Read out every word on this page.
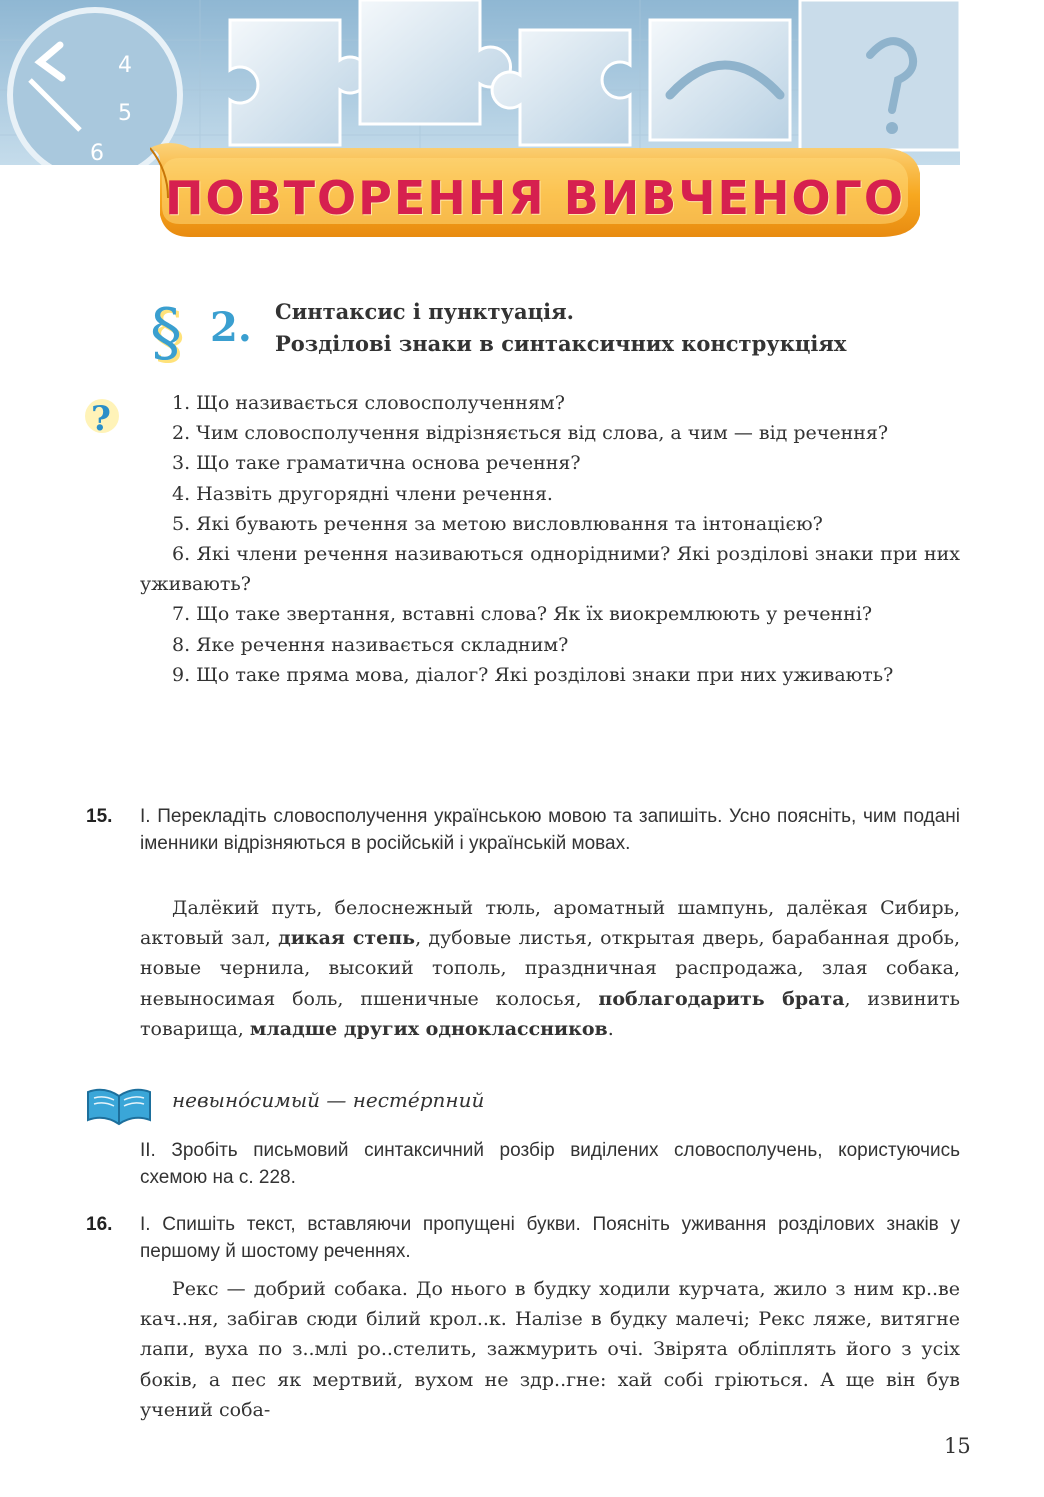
4
5
6
ПОВТОРЕННЯ ВИВЧЕНОГО
§ 2. Синтаксис і пунктуація.
Розділові знаки в синтаксичних конструкціях
?	1. Що називається словосполученням?

2. Чим словосполучення відрізняється від слова, а чим — від речення?

3. Що таке граматична основа речення?

4. Назвіть другорядні члени речення.

5. Які бувають речення за метою висловлювання та інтонацією?

6. Які члени речення називаються однорідними? Які розділові знаки при них уживають?

7. Що таке звертання, вставні слова? Як їх виокремлюють у реченні?

8. Яке речення називається складним?

9. Що таке пряма мова, діалог? Які розділові знаки при них уживають?

15. І. Перекладіть словосполучення українською мовою та запишіть. Усно поясніть, чим подані іменники відрізняються в російській і українській мовах.

Далёкий путь, белоснежный тюль, ароматный шампунь, далёкая Сибирь, актовый зал, дикая степь, дубовые листья, открытая дверь, барабанная дробь, новые чернила, высокий тополь, праздничная распродажа, злая собака, невыносимая боль, пшеничные колосья, поблагодарить брата, извинить товарища, младше других одноклассников.

невыно́симый — нестéрпний

ІІ. Зробіть письмовий синтаксичний розбір виділених словосполучень, користуючись схемою на с. 228.

16. І. Спишіть текст, вставляючи пропущені букви. Поясніть уживання розділових знаків у першому й шостому реченнях.

Рекс — добрий собака. До нього в будку ходили курчата, жило з ним кр..ве кач..ня, забігав сюди білий крол..к. Налізе в будку малечі; Рекс ляже, витягне лапи, вуха по з..млі ро..стелить, зажмурить очі. Звірята обліплять його з усіх боків, а пес як мертвий, вухом не здр..гне: хай собі гріються. А ще він був учений соба-

15
